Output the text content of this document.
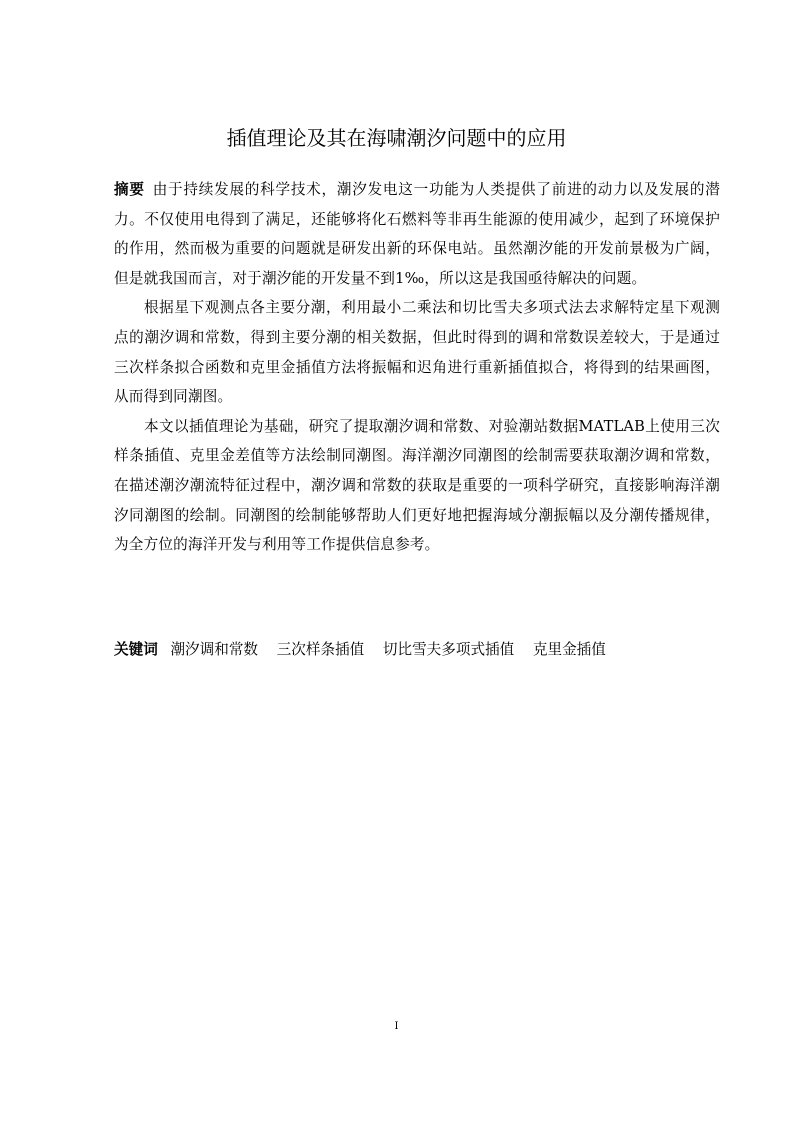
插值理论及其在海啸潮汐问题中的应用

摘要 由于持续发展的科学技术，潮汐发电这一功能为人类提供了前进的动力以及发展的潜力。不仅使用电得到了满足，还能够将化石燃料等非再生能源的使用减少，起到了环境保护的作用，然而极为重要的问题就是研发出新的环保电站。虽然潮汐能的开发前景极为广阔，但是就我国而言，对于潮汐能的开发量不到1‰，所以这是我国亟待解决的问题。

根据星下观测点各主要分潮，利用最小二乘法和切比雪夫多项式法去求解特定星下观测点的潮汐调和常数，得到主要分潮的相关数据，但此时得到的调和常数误差较大，于是通过三次样条拟合函数和克里金插值方法将振幅和迟角进行重新插值拟合，将得到的结果画图，从而得到同潮图。

本文以插值理论为基础，研究了提取潮汐调和常数、对验潮站数据MATLAB上使用三次样条插值、克里金差值等方法绘制同潮图。海洋潮汐同潮图的绘制需要获取潮汐调和常数，在描述潮汐潮流特征过程中，潮汐调和常数的获取是重要的一项科学研究，直接影响海洋潮汐同潮图的绘制。同潮图的绘制能够帮助人们更好地把握海域分潮振幅以及分潮传播规律，为全方位的海洋开发与利用等工作提供信息参考。

关键词 潮汐调和常数 三次样条插值 切比雪夫多项式插值 克里金插值
I
